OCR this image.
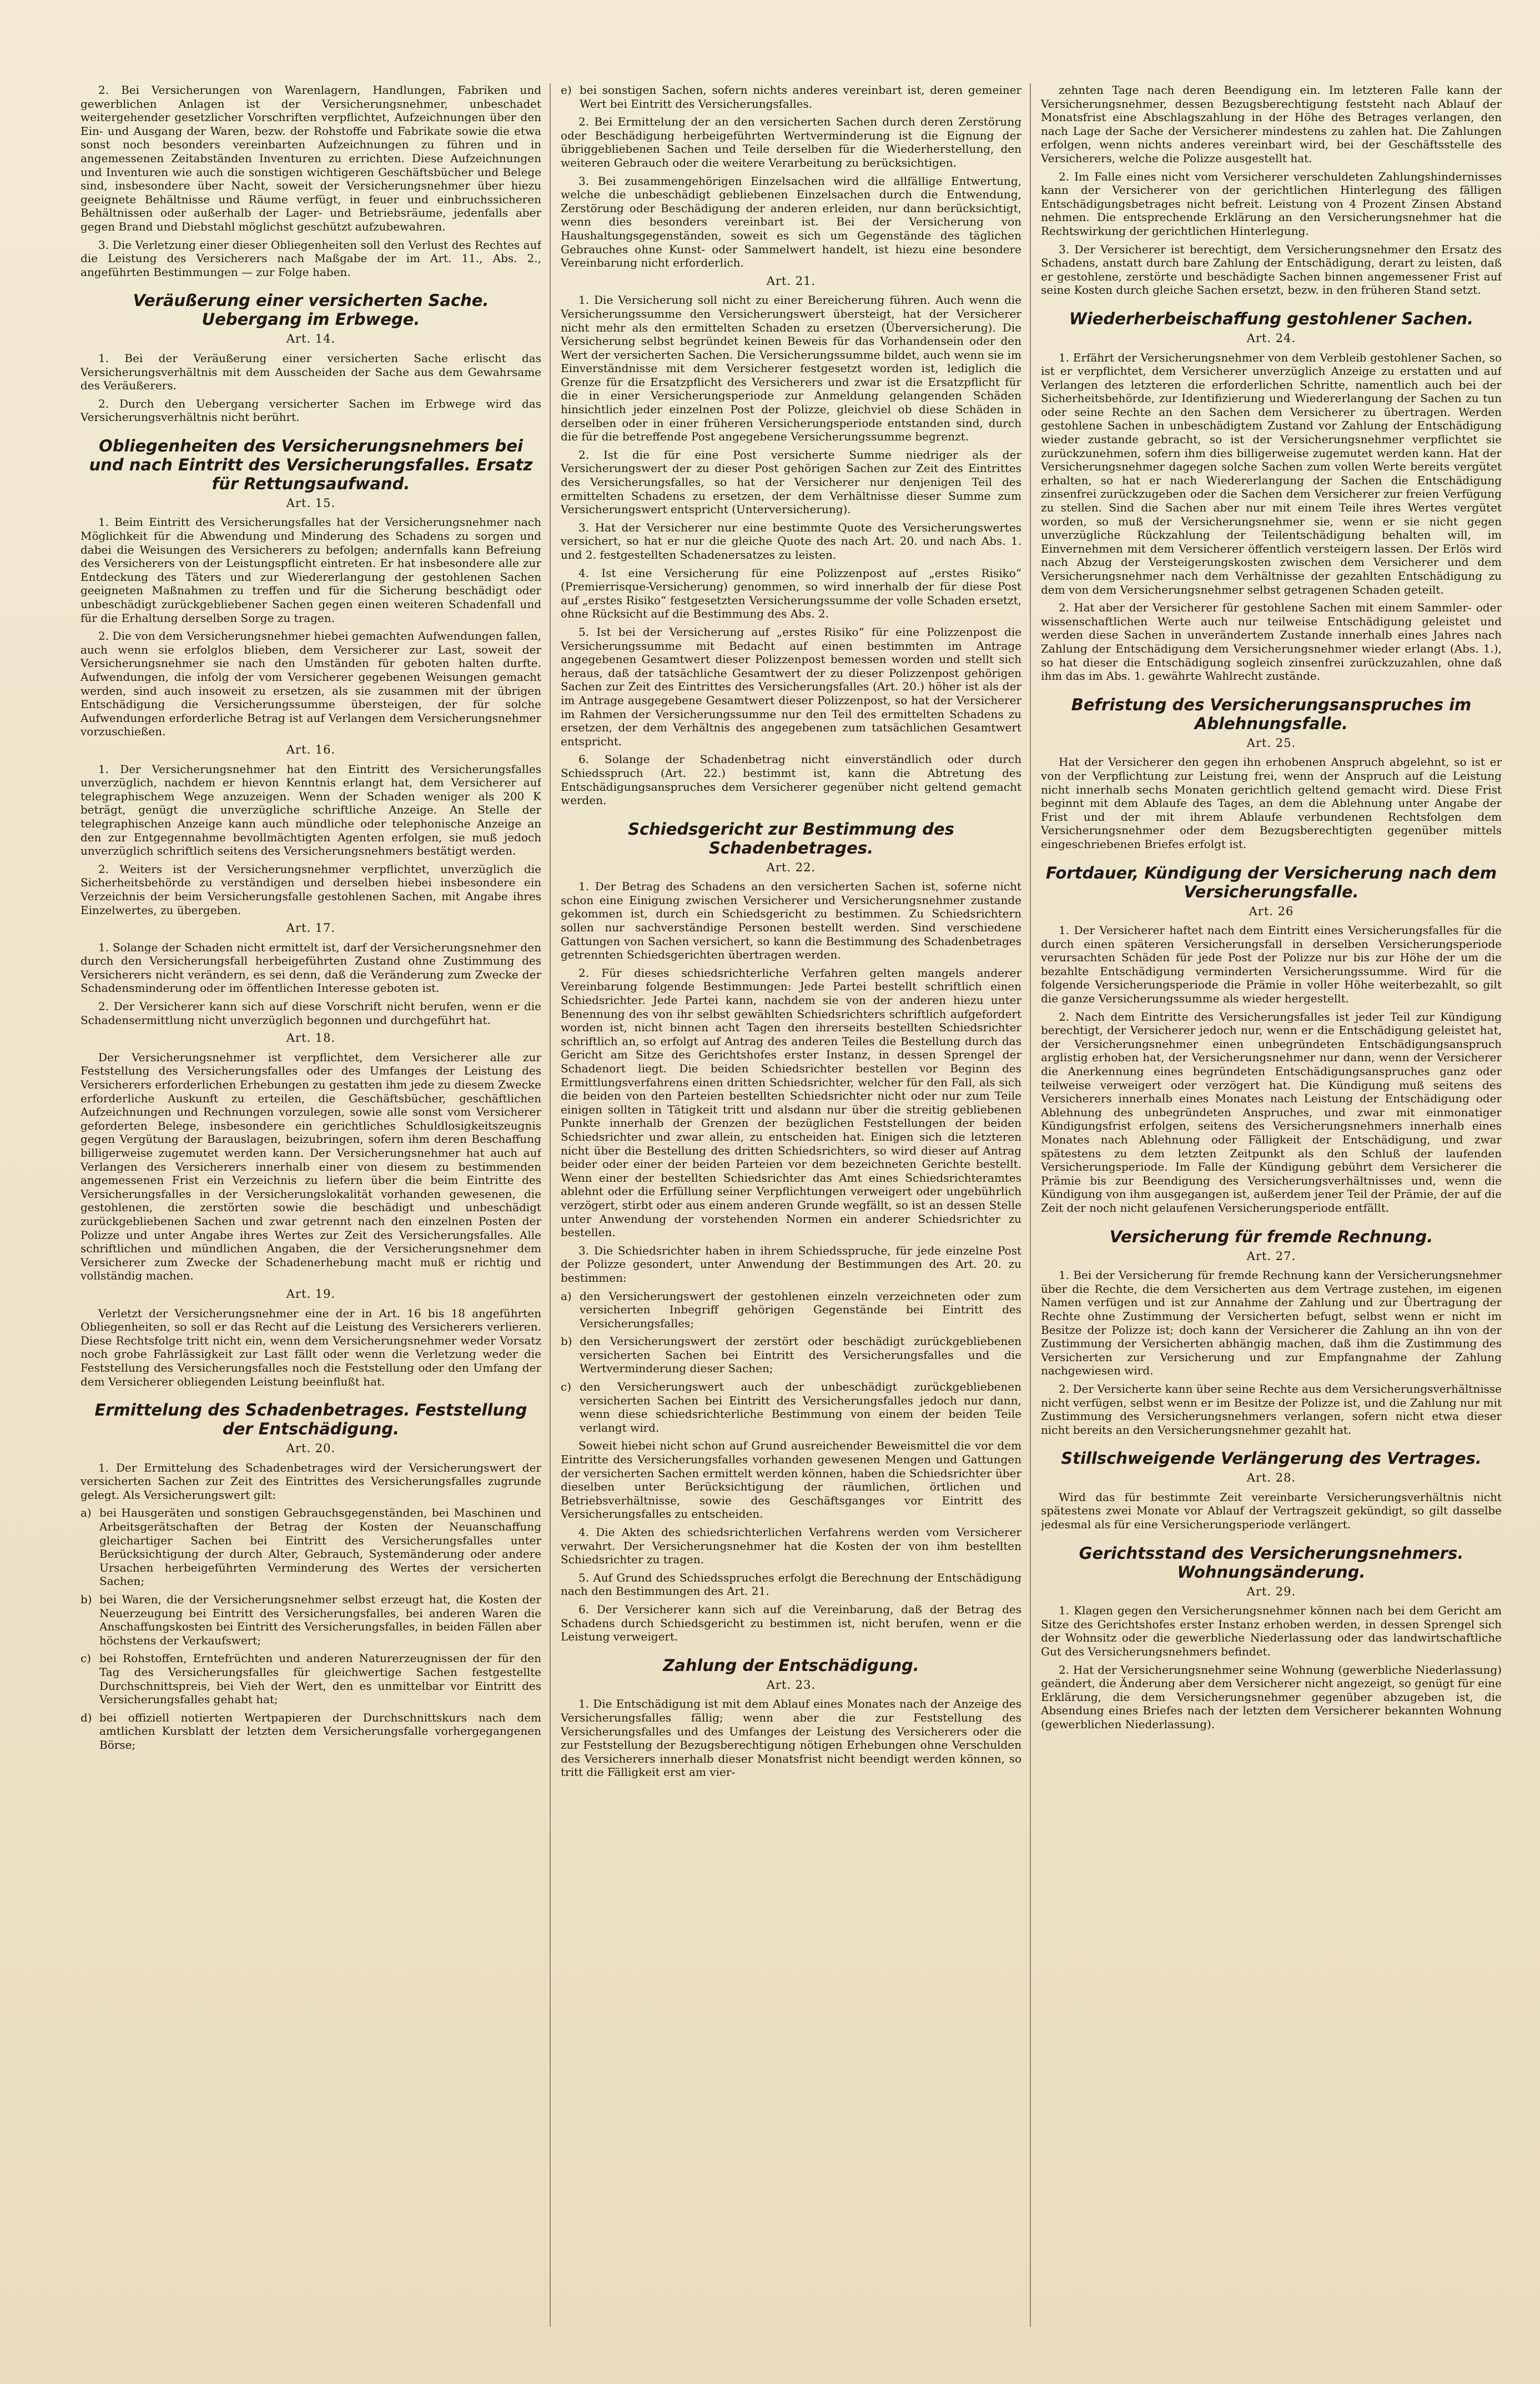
2. Bei Versicherungen von Warenlagern, Handlungen, Fabriken und gewerblichen Anlagen ist der Versicherungsnehmer, unbeschadet weitergehender gesetzlicher Vorschriften verpflichtet, Aufzeichnungen über den Ein- und Ausgang der Waren, bezw. der Rohstoffe und Fabrikate sowie die etwa sonst noch besonders vereinbarten Aufzeichnungen zu führen und in angemessenen Zeitabständen Inventuren zu errichten. Diese Aufzeichnungen und Inventuren wie auch die sonstigen wichtigeren Geschäftsbücher und Belege sind, insbesondere über Nacht, soweit der Versicherungsnehmer über hiezu geeignete Behältnisse und Räume verfügt, in feuer und einbruchssicheren Behältnissen oder außerhalb der Lager- und Betriebsräume, jedenfalls aber gegen Brand und Diebstahl möglichst geschützt aufzubewahren.

3. Die Verletzung einer dieser Obliegenheiten soll den Verlust des Rechtes auf die Leistung des Versicherers nach Maßgabe der im Art. 11., Abs. 2., angeführten Bestimmungen — zur Folge haben.

Veräußerung einer versicherten Sache. Uebergang im Erbwege.
Art. 14.

1. Bei der Veräußerung einer versicherten Sache erlischt das Versicherungsverhältnis mit dem Ausscheiden der Sache aus dem Gewahrsame des Veräußerers.

2. Durch den Uebergang versicherter Sachen im Erbwege wird das Versicherungsverhältnis nicht berührt.

Obliegenheiten des Versicherungsnehmers bei und nach Eintritt des Versicherungsfalles. Ersatz für Rettungsaufwand.
Art. 15.

1. Beim Eintritt des Versicherungsfalles hat der Versicherungsnehmer nach Möglichkeit für die Abwendung und Minderung des Schadens zu sorgen und dabei die Weisungen des Versicherers zu befolgen; andernfalls kann Befreiung des Versicherers von der Leistungspflicht eintreten. Er hat insbesondere alle zur Entdeckung des Täters und zur Wiedererlangung der gestohlenen Sachen geeigneten Maßnahmen zu treffen und für die Sicherung beschädigt oder unbeschädigt zurückgebliebener Sachen gegen einen weiteren Schadenfall und für die Erhaltung derselben Sorge zu tragen.

2. Die von dem Versicherungsnehmer hiebei gemachten Aufwendungen fallen, auch wenn sie erfolglos blieben, dem Versicherer zur Last, soweit der Versicherungsnehmer sie nach den Umständen für geboten halten durfte. Aufwendungen, die infolg der vom Versicherer gegebenen Weisungen gemacht werden, sind auch insoweit zu ersetzen, als sie zusammen mit der übrigen Entschädigung die Versicherungssumme übersteigen, der für solche Aufwendungen erforderliche Betrag ist auf Verlangen dem Versicherungsnehmer vorzuschießen.

Art. 16.

1. Der Versicherungsnehmer hat den Eintritt des Versicherungsfalles unverzüglich, nachdem er hievon Kenntnis erlangt hat, dem Versicherer auf telegraphischem Wege anzuzeigen. Wenn der Schaden weniger als 200 K beträgt, genügt die unverzügliche schriftliche Anzeige. An Stelle der telegraphischen Anzeige kann auch mündliche oder telephonische Anzeige an den zur Entgegennahme bevollmächtigten Agenten erfolgen, sie muß jedoch unverzüglich schriftlich seitens des Versicherungsnehmers bestätigt werden.

2. Weiters ist der Versicherungsnehmer verpflichtet, unverzüglich die Sicherheitsbehörde zu verständigen und derselben hiebei insbesondere ein Verzeichnis der beim Versicherungsfalle gestohlenen Sachen, mit Angabe ihres Einzelwertes, zu übergeben.

Art. 17.

1. Solange der Schaden nicht ermittelt ist, darf der Versicherungsnehmer den durch den Versicherungsfall herbeigeführten Zustand ohne Zustimmung des Versicherers nicht verändern, es sei denn, daß die Veränderung zum Zwecke der Schadensminderung oder im öffentlichen Interesse geboten ist.

2. Der Versicherer kann sich auf diese Vorschrift nicht berufen, wenn er die Schadensermittlung nicht unverzüglich begonnen und durchgeführt hat.

Art. 18.

Der Versicherungsnehmer ist verpflichtet, dem Versicherer alle zur Feststellung des Versicherungsfalles oder des Umfanges der Leistung des Versicherers erforderlichen Erhebungen zu gestatten ihm jede zu diesem Zwecke erforderliche Auskunft zu erteilen, die Geschäftsbücher, geschäftlichen Aufzeichnungen und Rechnungen vorzulegen, sowie alle sonst vom Versicherer geforderten Belege, insbesondere ein gerichtliches Schuldlosigkeitszeugnis gegen Vergütung der Barauslagen, beizubringen, sofern ihm deren Beschaffung billigerweise zugemutet werden kann. Der Versicherungsnehmer hat auch auf Verlangen des Versicherers innerhalb einer von diesem zu bestimmenden angemessenen Frist ein Verzeichnis zu liefern über die beim Eintritte des Versicherungsfalles in der Versicherungslokalität vorhanden gewesenen, die gestohlenen, die zerstörten sowie die beschädigt und unbeschädigt zurückgebliebenen Sachen und zwar getrennt nach den einzelnen Posten der Polizze und unter Angabe ihres Wertes zur Zeit des Versicherungsfalles. Alle schriftlichen und mündlichen Angaben, die der Versicherungsnehmer dem Versicherer zum Zwecke der Schadenerhebung macht muß er richtig und vollständig machen.

Art. 19.

Verletzt der Versicherungsnehmer eine der in Art. 16 bis 18 angeführten Obliegenheiten, so soll er das Recht auf die Leistung des Versicherers verlieren. Diese Rechtsfolge tritt nicht ein, wenn dem Versicherungsnehmer weder Vorsatz noch grobe Fahrlässigkeit zur Last fällt oder wenn die Verletzung weder die Feststellung des Versicherungsfalles noch die Feststellung oder den Umfang der dem Versicherer obliegenden Leistung beeinflußt hat.

Ermittelung des Schadenbetrages. Feststellung der Entschädigung.
Art. 20.

1. Der Ermittelung des Schadenbetrages wird der Versicherungswert der versicherten Sachen zur Zeit des Eintrittes des Versicherungsfalles zugrunde gelegt. Als Versicherungswert gilt:

a) bei Hausgeräten und sonstigen Gebrauchsgegenständen, bei Maschinen und Arbeitsgerätschaften der Betrag der Kosten der Neuanschaffung gleichartiger Sachen bei Eintritt des Versicherungsfalles unter Berücksichtigung der durch Alter, Gebrauch, Systemänderung oder andere Ursachen herbeigeführten Verminderung des Wertes der versicherten Sachen;

b) bei Waren, die der Versicherungsnehmer selbst erzeugt hat, die Kosten der Neuerzeugung bei Eintritt des Versicherungsfalles, bei anderen Waren die Anschaffungskosten bei Eintritt des Versicherungsfalles, in beiden Fällen aber höchstens der Verkaufswert;

c) bei Rohstoffen, Erntefrüchten und anderen Naturerzeugnissen der für den Tag des Versicherungsfalles für gleichwertige Sachen festgestellte Durchschnittspreis, bei Vieh der Wert, den es unmittelbar vor Eintritt des Versicherungsfalles gehabt hat;

d) bei offiziell notierten Wertpapieren der Durchschnittskurs nach dem amtlichen Kursblatt der letzten dem Versicherungsfalle vorhergegangenen Börse;

e) bei sonstigen Sachen, sofern nichts anderes vereinbart ist, deren gemeiner Wert bei Eintritt des Versicherungsfalles.

2. Bei Ermittelung der an den versicherten Sachen durch deren Zerstörung oder Beschädigung herbeigeführten Wertverminderung ist die Eignung der übriggebliebenen Sachen und Teile derselben für die Wiederherstellung, den weiteren Gebrauch oder die weitere Verarbeitung zu berücksichtigen.

3. Bei zusammengehörigen Einzelsachen wird die allfällige Entwertung, welche die unbeschädigt gebliebenen Einzelsachen durch die Entwendung, Zerstörung oder Beschädigung der anderen erleiden, nur dann berücksichtigt, wenn dies besonders vereinbart ist. Bei der Versicherung von Haushaltungsgegenständen, soweit es sich um Gegenstände des täglichen Gebrauches ohne Kunst- oder Sammelwert handelt, ist hiezu eine besondere Vereinbarung nicht erforderlich.

Art. 21.

1. Die Versicherung soll nicht zu einer Bereicherung führen. Auch wenn die Versicherungssumme den Versicherungswert übersteigt, hat der Versicherer nicht mehr als den ermittelten Schaden zu ersetzen (Überversicherung). Die Versicherung selbst begründet keinen Beweis für das Vorhandensein oder den Wert der versicherten Sachen. Die Versicherungssumme bildet, auch wenn sie im Einverständnisse mit dem Versicherer festgesetzt worden ist, lediglich die Grenze für die Ersatzpflicht des Versicherers und zwar ist die Ersatzpflicht für die in einer Versicherungsperiode zur Anmeldung gelangenden Schäden hinsichtlich jeder einzelnen Post der Polizze, gleichviel ob diese Schäden in derselben oder in einer früheren Versicherungsperiode entstanden sind, durch die für die betreffende Post angegebene Versicherungssumme begrenzt.

2. Ist die für eine Post versicherte Summe niedriger als der Versicherungswert der zu dieser Post gehörigen Sachen zur Zeit des Eintrittes des Versicherungsfalles, so hat der Versicherer nur denjenigen Teil des ermittelten Schadens zu ersetzen, der dem Verhältnisse dieser Summe zum Versicherungswert entspricht (Unterversicherung).

3. Hat der Versicherer nur eine bestimmte Quote des Versicherungswertes versichert, so hat er nur die gleiche Quote des nach Art. 20. und nach Abs. 1. und 2. festgestellten Schadenersatzes zu leisten.

4. Ist eine Versicherung für eine Polizzenpost auf „erstes Risiko“ (Premierrisque-Versicherung) genommen, so wird innerhalb der für diese Post auf „erstes Risiko“ festgesetzten Versicherungssumme der volle Schaden ersetzt, ohne Rücksicht auf die Bestimmung des Abs. 2.

5. Ist bei der Versicherung auf „erstes Risiko“ für eine Polizzenpost die Versicherungssumme mit Bedacht auf einen bestimmten im Antrage angegebenen Gesamtwert dieser Polizzenpost bemessen worden und stellt sich heraus, daß der tatsächliche Gesamtwert der zu dieser Polizzenpost gehörigen Sachen zur Zeit des Eintrittes des Versicherungsfalles (Art. 20.) höher ist als der im Antrage ausgegebene Gesamtwert dieser Polizzenpost, so hat der Versicherer im Rahmen der Versicherungssumme nur den Teil des ermittelten Schadens zu ersetzen, der dem Verhältnis des angegebenen zum tatsächlichen Gesamtwert entspricht.

6. Solange der Schadenbetrag nicht einverständlich oder durch Schiedsspruch (Art. 22.) bestimmt ist, kann die Abtretung des Entschädigungsanspruches dem Versicherer gegenüber nicht geltend gemacht werden.

Schiedsgericht zur Bestimmung des Schadenbetrages.
Art. 22.

1. Der Betrag des Schadens an den versicherten Sachen ist, soferne nicht schon eine Einigung zwischen Versicherer und Versicherungsnehmer zustande gekommen ist, durch ein Schiedsgericht zu bestimmen. Zu Schiedsrichtern sollen nur sachverständige Personen bestellt werden. Sind verschiedene Gattungen von Sachen versichert, so kann die Bestimmung des Schadenbetrages getrennten Schiedsgerichten übertragen werden.

2. Für dieses schiedsrichterliche Verfahren gelten mangels anderer Vereinbarung folgende Bestimmungen: Jede Partei bestellt schriftlich einen Schiedsrichter. Jede Partei kann, nachdem sie von der anderen hiezu unter Benennung des von ihr selbst gewählten Schiedsrichters schriftlich aufgefordert worden ist, nicht binnen acht Tagen den ihrerseits bestellten Schiedsrichter schriftlich an, so erfolgt auf Antrag des anderen Teiles die Bestellung durch das Gericht am Sitze des Gerichtshofes erster Instanz, in dessen Sprengel der Schadenort liegt. Die beiden Schiedsrichter bestellen vor Beginn des Ermittlungsverfahrens einen dritten Schiedsrichter, welcher für den Fall, als sich die beiden von den Parteien bestellten Schiedsrichter nicht oder nur zum Teile einigen sollten in Tätigkeit tritt und alsdann nur über die streitig gebliebenen Punkte innerhalb der Grenzen der bezüglichen Feststellungen der beiden Schiedsrichter und zwar allein, zu entscheiden hat. Einigen sich die letzteren nicht über die Bestellung des dritten Schiedsrichters, so wird dieser auf Antrag beider oder einer der beiden Parteien vor dem bezeichneten Gerichte bestellt. Wenn einer der bestellten Schiedsrichter das Amt eines Schiedsrichteramtes ablehnt oder die Erfüllung seiner Verpflichtungen verweigert oder ungebührlich verzögert, stirbt oder aus einem anderen Grunde wegfällt, so ist an dessen Stelle unter Anwendung der vorstehenden Normen ein anderer Schiedsrichter zu bestellen.

3. Die Schiedsrichter haben in ihrem Schiedsspruche, für jede einzelne Post der Polizze gesondert, unter Anwendung der Bestimmungen des Art. 20. zu bestimmen:

a) den Versicherungswert der gestohlenen einzeln verzeichneten oder zum versicherten Inbegriff gehörigen Gegenstände bei Eintritt des Versicherungsfalles;

b) den Versicherungswert der zerstört oder beschädigt zurückgebliebenen versicherten Sachen bei Eintritt des Versicherungsfalles und die Wertverminderung dieser Sachen;

c) den Versicherungswert auch der unbeschädigt zurückgebliebenen versicherten Sachen bei Eintritt des Versicherungsfalles jedoch nur dann, wenn diese schiedsrichterliche Bestimmung von einem der beiden Teile verlangt wird.

Soweit hiebei nicht schon auf Grund ausreichender Beweismittel die vor dem Eintritte des Versicherungsfalles vorhanden gewesenen Mengen und Gattungen der versicherten Sachen ermittelt werden können, haben die Schiedsrichter über dieselben unter Berücksichtigung der räumlichen, örtlichen und Betriebsverhältnisse, sowie des Geschäftsganges vor Eintritt des Versicherungsfalles zu entscheiden.

4. Die Akten des schiedsrichterlichen Verfahrens werden vom Versicherer verwahrt. Der Versicherungsnehmer hat die Kosten der von ihm bestellten Schiedsrichter zu tragen.

5. Auf Grund des Schiedsspruches erfolgt die Berechnung der Entschädigung nach den Bestimmungen des Art. 21.

6. Der Versicherer kann sich auf die Vereinbarung, daß der Betrag des Schadens durch Schiedsgericht zu bestimmen ist, nicht berufen, wenn er die Leistung verweigert.

Zahlung der Entschädigung.
Art. 23.

1. Die Entschädigung ist mit dem Ablauf eines Monates nach der Anzeige des Versicherungsfalles fällig; wenn aber die zur Feststellung des Versicherungsfalles und des Umfanges der Leistung des Versicherers oder die zur Feststellung der Bezugsberechtigung nötigen Erhebungen ohne Verschulden des Versicherers innerhalb dieser Monatsfrist nicht beendigt werden können, so tritt die Fälligkeit erst am vier-

zehnten Tage nach deren Beendigung ein. Im letzteren Falle kann der Versicherungsnehmer, dessen Bezugsberechtigung feststeht nach Ablauf der Monatsfrist eine Abschlagszahlung in der Höhe des Betrages verlangen, den nach Lage der Sache der Versicherer mindestens zu zahlen hat. Die Zahlungen erfolgen, wenn nichts anderes vereinbart wird, bei der Geschäftsstelle des Versicherers, welche die Polizze ausgestellt hat.

2. Im Falle eines nicht vom Versicherer verschuldeten Zahlungshindernisses kann der Versicherer von der gerichtlichen Hinterlegung des fälligen Entschädigungsbetrages nicht befreit. Leistung von 4 Prozent Zinsen Abstand nehmen. Die entsprechende Erklärung an den Versicherungsnehmer hat die Rechtswirkung der gerichtlichen Hinterlegung.

3. Der Versicherer ist berechtigt, dem Versicherungsnehmer den Ersatz des Schadens, anstatt durch bare Zahlung der Entschädigung, derart zu leisten, daß er gestohlene, zerstörte und beschädigte Sachen binnen angemessener Frist auf seine Kosten durch gleiche Sachen ersetzt, bezw. in den früheren Stand setzt.

Wiederherbeischaffung gestohlener Sachen.
Art. 24.

1. Erfährt der Versicherungsnehmer von dem Verbleib gestohlener Sachen, so ist er verpflichtet, dem Versicherer unverzüglich Anzeige zu erstatten und auf Verlangen des letzteren die erforderlichen Schritte, namentlich auch bei der Sicherheitsbehörde, zur Identifizierung und Wiedererlangung der Sachen zu tun oder seine Rechte an den Sachen dem Versicherer zu übertragen. Werden gestohlene Sachen in unbeschädigtem Zustand vor Zahlung der Entschädigung wieder zustande gebracht, so ist der Versicherungsnehmer verpflichtet sie zurückzunehmen, sofern ihm dies billigerweise zugemutet werden kann. Hat der Versicherungsnehmer dagegen solche Sachen zum vollen Werte bereits vergütet erhalten, so hat er nach Wiedererlangung der Sachen die Entschädigung zinsenfrei zurückzugeben oder die Sachen dem Versicherer zur freien Verfügung zu stellen. Sind die Sachen aber nur mit einem Teile ihres Wertes vergütet worden, so muß der Versicherungsnehmer sie, wenn er sie nicht gegen unverzügliche Rückzahlung der Teilentschädigung behalten will, im Einvernehmen mit dem Versicherer öffentlich versteigern lassen. Der Erlös wird nach Abzug der Versteigerungskosten zwischen dem Versicherer und dem Versicherungsnehmer nach dem Verhältnisse der gezahlten Entschädigung zu dem von dem Versicherungsnehmer selbst getragenen Schaden geteilt.

2. Hat aber der Versicherer für gestohlene Sachen mit einem Sammler- oder wissenschaftlichen Werte auch nur teilweise Entschädigung geleistet und werden diese Sachen in unverändertem Zustande innerhalb eines Jahres nach Zahlung der Entschädigung dem Versicherungsnehmer wieder erlangt (Abs. 1.), so hat dieser die Entschädigung sogleich zinsenfrei zurückzuzahlen, ohne daß ihm das im Abs. 1. gewährte Wahlrecht zustände.

Befristung des Versicherungsanspruches im Ablehnungsfalle.
Art. 25.

Hat der Versicherer den gegen ihn erhobenen Anspruch abgelehnt, so ist er von der Verpflichtung zur Leistung frei, wenn der Anspruch auf die Leistung nicht innerhalb sechs Monaten gerichtlich geltend gemacht wird. Diese Frist beginnt mit dem Ablaufe des Tages, an dem die Ablehnung unter Angabe der Frist und der mit ihrem Ablaufe verbundenen Rechtsfolgen dem Versicherungsnehmer oder dem Bezugsberechtigten gegenüber mittels eingeschriebenen Briefes erfolgt ist.

Fortdauer, Kündigung der Versicherung nach dem Versicherungsfalle.
Art. 26

1. Der Versicherer haftet nach dem Eintritt eines Versicherungsfalles für die durch einen späteren Versicherungsfall in derselben Versicherungsperiode verursachten Schäden für jede Post der Polizze nur bis zur Höhe der um die bezahlte Entschädigung verminderten Versicherungssumme. Wird für die folgende Versicherungsperiode die Prämie in voller Höhe weiterbezahlt, so gilt die ganze Versicherungssumme als wieder hergestellt.

2. Nach dem Eintritte des Versicherungsfalles ist jeder Teil zur Kündigung berechtigt, der Versicherer jedoch nur, wenn er die Entschädigung geleistet hat, der Versicherungsnehmer einen unbegründeten Entschädigungsanspruch arglistig erhoben hat, der Versicherungsnehmer nur dann, wenn der Versicherer die Anerkennung eines begründeten Entschädigungsanspruches ganz oder teilweise verweigert oder verzögert hat. Die Kündigung muß seitens des Versicherers innerhalb eines Monates nach Leistung der Entschädigung oder Ablehnung des unbegründeten Anspruches, und zwar mit einmonatiger Kündigungsfrist erfolgen, seitens des Versicherungsnehmers innerhalb eines Monates nach Ablehnung oder Fälligkeit der Entschädigung, und zwar spätestens zu dem letzten Zeitpunkt als den Schluß der laufenden Versicherungsperiode. Im Falle der Kündigung gebührt dem Versicherer die Prämie bis zur Beendigung des Versicherungsverhältnisses und, wenn die Kündigung von ihm ausgegangen ist, außerdem jener Teil der Prämie, der auf die Zeit der noch nicht gelaufenen Versicherungsperiode entfällt.

Versicherung für fremde Rechnung.
Art. 27.

1. Bei der Versicherung für fremde Rechnung kann der Versicherungsnehmer über die Rechte, die dem Versicherten aus dem Vertrage zustehen, im eigenen Namen verfügen und ist zur Annahme der Zahlung und zur Übertragung der Rechte ohne Zustimmung der Versicherten befugt, selbst wenn er nicht im Besitze der Polizze ist; doch kann der Versicherer die Zahlung an ihn von der Zustimmung der Versicherten abhängig machen, daß ihm die Zustimmung des Versicherten zur Versicherung und zur Empfangnahme der Zahlung nachgewiesen wird.

2. Der Versicherte kann über seine Rechte aus dem Versicherungsverhältnisse nicht verfügen, selbst wenn er im Besitze der Polizze ist, und die Zahlung nur mit Zustimmung des Versicherungsnehmers verlangen, sofern nicht etwa dieser nicht bereits an den Versicherungsnehmer gezahlt hat.

Stillschweigende Verlängerung des Vertrages.
Art. 28.

Wird das für bestimmte Zeit vereinbarte Versicherungsverhältnis nicht spätestens zwei Monate vor Ablauf der Vertragszeit gekündigt, so gilt dasselbe jedesmal als für eine Versicherungsperiode verlängert.

Gerichtsstand des Versicherungsnehmers. Wohnungsänderung.
Art. 29.

1. Klagen gegen den Versicherungsnehmer können nach bei dem Gericht am Sitze des Gerichtshofes erster Instanz erhoben werden, in dessen Sprengel sich der Wohnsitz oder die gewerbliche Niederlassung oder das landwirtschaftliche Gut des Versicherungsnehmers befindet.

2. Hat der Versicherungsnehmer seine Wohnung (gewerbliche Niederlassung) geändert, die Änderung aber dem Versicherer nicht angezeigt, so genügt für eine Erklärung, die dem Versicherungsnehmer gegenüber abzugeben ist, die Absendung eines Briefes nach der letzten dem Versicherer bekannten Wohnung (gewerblichen Niederlassung).
